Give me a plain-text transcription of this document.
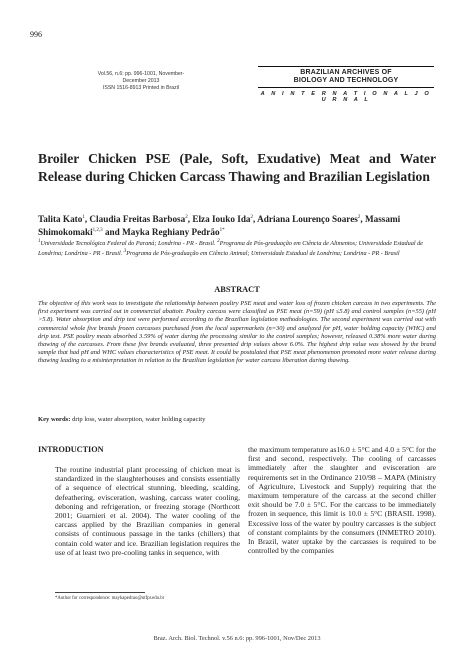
996
Vol.56, n.6: pp. 996-1001, November-December 2013
ISSN 1516-8913 Printed in Brazil
BRAZILIAN ARCHIVES OF
BIOLOGY AND TECHNOLOGY
A N I N T E R N A T I O N A L J O U R N A L
Broiler Chicken PSE (Pale, Soft, Exudative) Meat and Water Release during Chicken Carcass Thawing and Brazilian Legislation
Talita Kato$^1$, Claudia Freitas Barbosa$^2$, Elza Iouko Ida$^2$, Adriana Lourenço Soares$^2$, Massami Shimokomaki$^{1,2,3}$ and Mayka Reghiany Pedrão$^{1*}$
$^1$Universidade Tecnológica Federal do Paraná; Londrina - PR - Brasil. $^2$Programa de Pós-graduação em Ciência de Alimentos; Universidade Estadual de Londrina; Londrina - PR - Brasil. $^3$Programa de Pós-graduação em Ciência Animal; Universidade Estadual de Londrina; Londrina - PR - Brasil
ABSTRACT
The objective of this work was to investigate the relationship between poultry PSE meat and water loss of frozen chicken carcass in two experiments. The first experiment was carried out in commercial abattoir. Poultry carcass were classified as PSE meat (n=59) (pH ≤5.8) and control samples (n=55) (pH >5.8). Water absorption and drip test were performed according to the Brazilian legislation methodologies. The second experiment was carried out with commercial whole five brands frozen carcasses purchased from the local supermarkets (n=30) and analyzed for pH, water holding capacity (WHC) and drip test. PSE poultry meats absorbed 3.59% of water during the processing similar to the control samples; however, released 0.38% more water during thawing of the carcasses. From these five brands evaluated, three presented drip values above 6.0%. The highest drip value was showed by the brand sample that had pH and WHC values characteristics of PSE meat. It could be postulated that PSE meat phenomenon promoted more water release during thawing leading to a misinterpretation in relation to the Brazilian legislation for water carcass liberation during thawing.
Key words: drip loss, water absorption, water holding capacity
INTRODUCTION
The routine industrial plant processing of chicken meat is standardized in the slaughterhouses and consists essentially of a sequence of electrical stunning, bleeding, scalding, defeathering, evisceration, washing, carcass water cooling, deboning and refrigeration, or freezing storage (Northcott 2001; Guarnieri et al. 2004). The water cooling of the carcass applied by the Brazilian companies in general consists of continuous passage in the tanks (chillers) that contain cold water and ice. Brazilian legislation requires the use of at least two pre-cooling tanks in sequence, with
the maximum temperature as16.0 ± 5°C and 4.0 ± 5°C for the first and second, respectively. The cooling of carcasses immediately after the slaughter and evisceration are requirements set in the Ordinance 210/98 – MAPA (Ministry of Agriculture, Livestock and Supply) requiring that the maximum temperature of the carcass at the second chiller exit should be 7.0 ± 5°C. For the carcass to be immediately frozen in sequence, this limit is 10.0 ± 5°C (BRASIL 1998). Excessive loss of the water by poultry carcasses is the subject of constant complaints by the consumers (INMETRO 2010). In Brazil, water uptake by the carcasses is required to be controlled by the companies
*Author for correspondence: maykapedrao@utfpr.edu.br
Braz. Arch. Biol. Technol. v.56 n.6: pp. 996-1001, Nov/Dec 2013
